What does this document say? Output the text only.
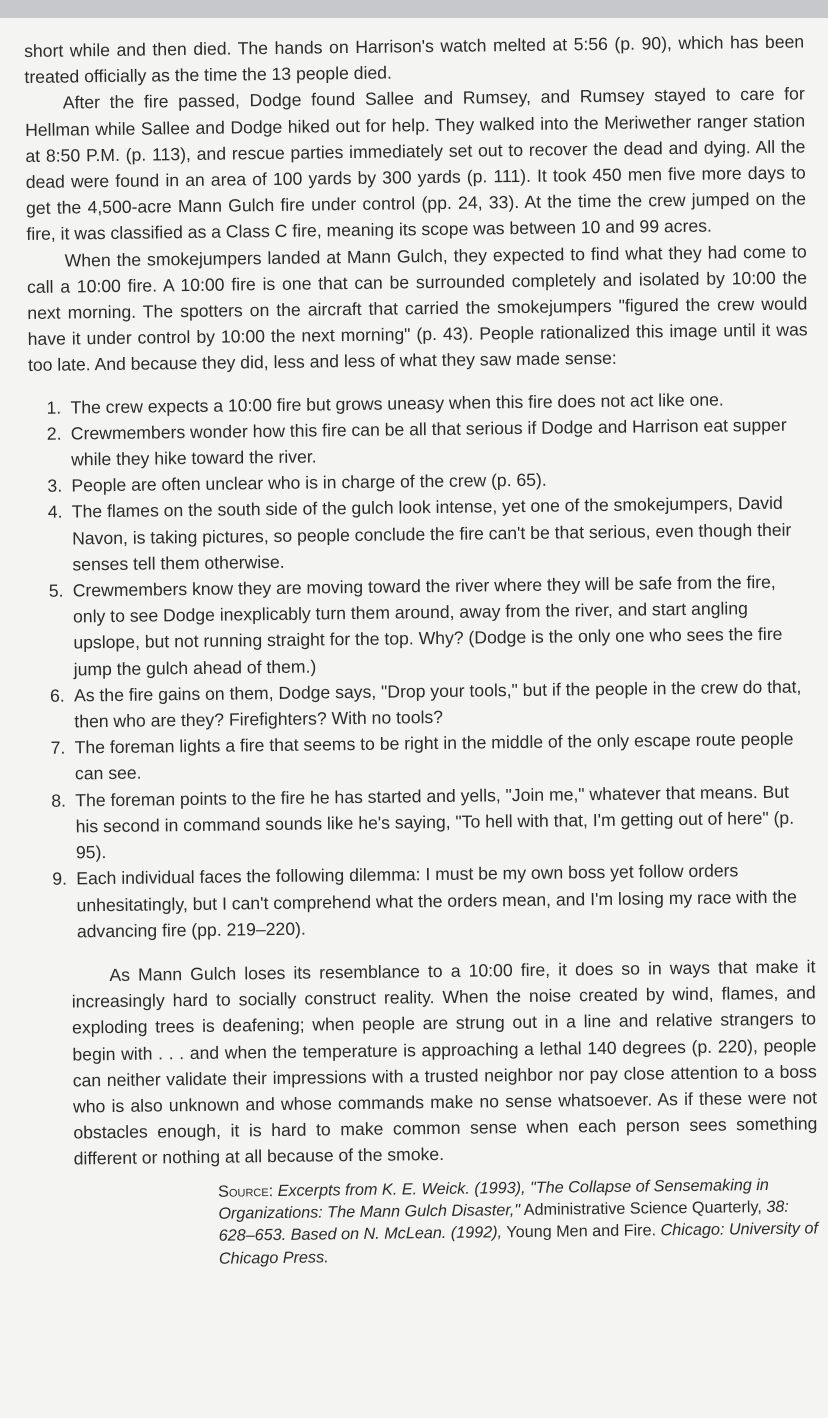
short while and then died. The hands on Harrison's watch melted at 5:56 (p. 90), which has been treated officially as the time the 13 people died.

After the fire passed, Dodge found Sallee and Rumsey, and Rumsey stayed to care for Hellman while Sallee and Dodge hiked out for help. They walked into the Meriwether ranger station at 8:50 P.M. (p. 113), and rescue parties immediately set out to recover the dead and dying. All the dead were found in an area of 100 yards by 300 yards (p. 111). It took 450 men five more days to get the 4,500-acre Mann Gulch fire under control (pp. 24, 33). At the time the crew jumped on the fire, it was classified as a Class C fire, meaning its scope was between 10 and 99 acres.

When the smokejumpers landed at Mann Gulch, they expected to find what they had come to call a 10:00 fire. A 10:00 fire is one that can be surrounded completely and isolated by 10:00 the next morning. The spotters on the aircraft that carried the smokejumpers "figured the crew would have it under control by 10:00 the next morning" (p. 43). People rationalized this image until it was too late. And because they did, less and less of what they saw made sense:

1. The crew expects a 10:00 fire but grows uneasy when this fire does not act like one.
2. Crewmembers wonder how this fire can be all that serious if Dodge and Harrison eat supper while they hike toward the river.
3. People are often unclear who is in charge of the crew (p. 65).
4. The flames on the south side of the gulch look intense, yet one of the smokejumpers, David Navon, is taking pictures, so people conclude the fire can't be that serious, even though their senses tell them otherwise.
5. Crewmembers know they are moving toward the river where they will be safe from the fire, only to see Dodge inexplicably turn them around, away from the river, and start angling upslope, but not running straight for the top. Why? (Dodge is the only one who sees the fire jump the gulch ahead of them.)
6. As the fire gains on them, Dodge says, "Drop your tools," but if the people in the crew do that, then who are they? Firefighters? With no tools?
7. The foreman lights a fire that seems to be right in the middle of the only escape route people can see.
8. The foreman points to the fire he has started and yells, "Join me," whatever that means. But his second in command sounds like he's saying, "To hell with that, I'm getting out of here" (p. 95).
9. Each individual faces the following dilemma: I must be my own boss yet follow orders unhesitatingly, but I can't comprehend what the orders mean, and I'm losing my race with the advancing fire (pp. 219–220).

As Mann Gulch loses its resemblance to a 10:00 fire, it does so in ways that make it increasingly hard to socially construct reality. When the noise created by wind, flames, and exploding trees is deafening; when people are strung out in a line and relative strangers to begin with . . . and when the temperature is approaching a lethal 140 degrees (p. 220), people can neither validate their impressions with a trusted neighbor nor pay close attention to a boss who is also unknown and whose commands make no sense whatsoever. As if these were not obstacles enough, it is hard to make common sense when each person sees something different or nothing at all because of the smoke.

Source: Excerpts from K. E. Weick. (1993), "The Collapse of Sensemaking in Organizations: The Mann Gulch Disaster," Administrative Science Quarterly, 38: 628–653. Based on N. McLean. (1992), Young Men and Fire. Chicago: University of Chicago Press.
